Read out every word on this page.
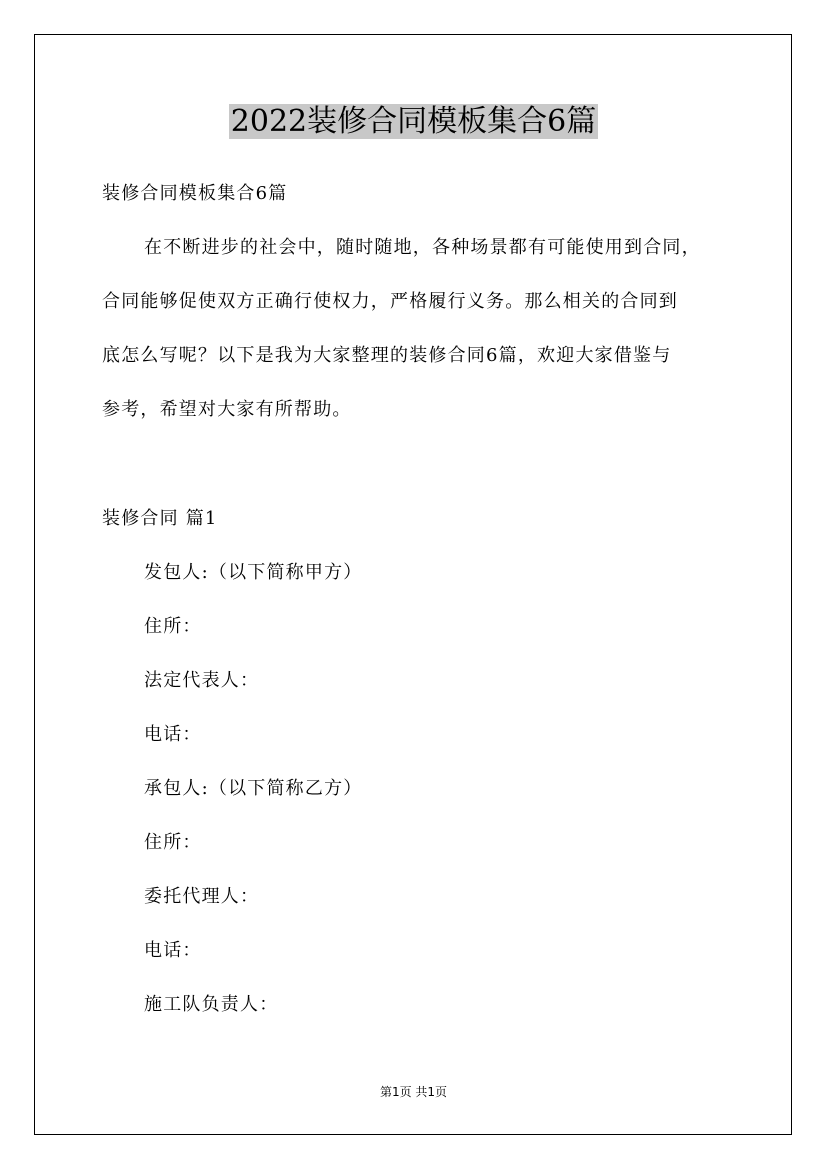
2022装修合同模板集合6篇
装修合同模板集合6篇
在不断进步的社会中，随时随地，各种场景都有可能使用到合同，
合同能够促使双方正确行使权力，严格履行义务。那么相关的合同到
底怎么写呢？以下是我为大家整理的装修合同6篇，欢迎大家借鉴与
参考，希望对大家有所帮助。
装修合同 篇1
发包人:（以下简称甲方）
住所：
法定代表人：
电话：
承包人:（以下简称乙方）
住所：
委托代理人：
电话：
施工队负责人：
第1页 共1页
